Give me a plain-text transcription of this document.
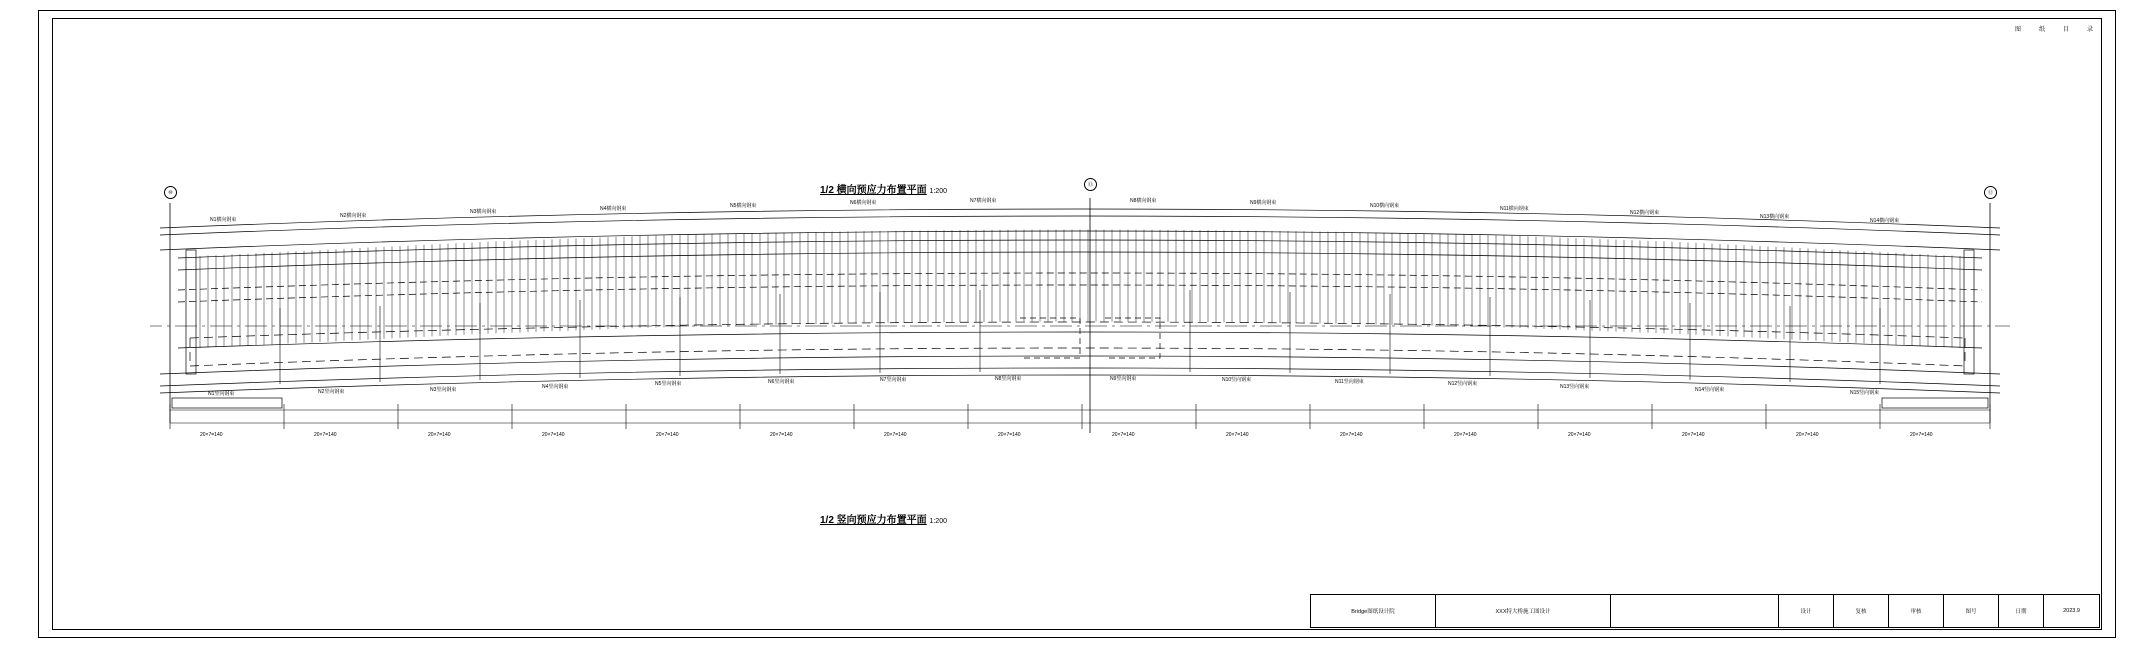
图	纸	目	录
1/2 横向预应力布置平面 1:200
1/2 竖向预应力布置平面 1:200
⑩
⑪
⑫
N1横向钢束
N2横向钢束
N3横向钢束	N4横向钢束	N5横向钢束	N6横向钢束	N7横向钢束	N8横向钢束	N9横向钢束	N10横向钢束	N11横向钢束
N12横向钢束
N13横向钢束
N14横向钢束
N1竖向钢束	N2竖向钢束	N3竖向钢束	N4竖向钢束	N5竖向钢束	N6竖向钢束	N7竖向钢束	N8竖向钢束	N9竖向钢束	N10竖向钢束	N11竖向钢束	N12竖向钢束	N13竖向钢束	N14竖向钢束	N15竖向钢束
20×7=140	20×7=140	20×7=140	20×7=140	20×7=140	20×7=140	20×7=140	20×7=140	20×7=140	20×7=140	20×7=140	20×7=140	20×7=140	20×7=140	20×7=140	20×7=140
Bridge图纸设计院	XXX特大桥施工图设计	设计	复核	审核	图号	日期	2023.9
